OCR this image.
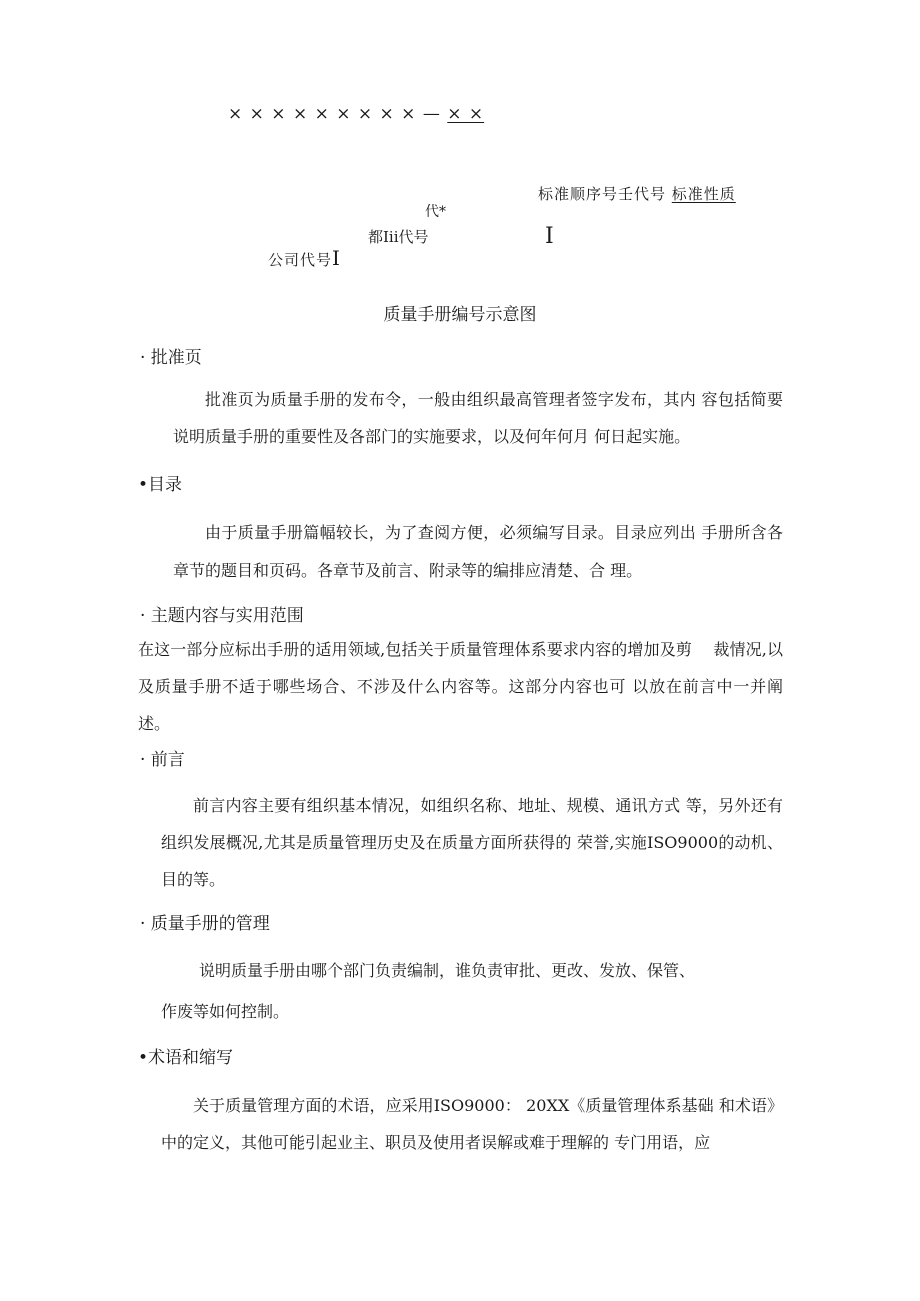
× × × × × × × × × — × ×
标准顺序号壬代号 标准性质
代*
都Iii代号	I
公司代号I
质量手册编号示意图
· 批准页
批准页为质量手册的发布令，一般由组织最高管理者签字发布，其内 容包括简要说明质量手册的重要性及各部门的实施要求，以及何年何月 何日起实施。
•目录
由于质量手册篇幅较长，为了查阅方便，必须编写目录。目录应列出 手册所含各章节的题目和页码。各章节及前言、附录等的编排应清楚、合 理。
· 主题内容与实用范围
在这一部分应标出手册的适用领域,包括关于质量管理体系要求内容的增加及剪　 裁情况,以及质量手册不适于哪些场合、不涉及什么内容等。这部分内容也可 以放在前言中一并阐述。
· 前言
前言内容主要有组织基本情况，如组织名称、地址、规模、通讯方式 等，另外还有组织发展概况,尤其是质量管理历史及在质量方面所获得的 荣誉,实施ISO9000的动机、目的等。
· 质量手册的管理
说明质量手册由哪个部门负责编制，谁负责审批、更改、发放、保管、
作废等如何控制。
•术语和缩写
关于质量管理方面的术语，应采用ISO9000： 20XX《质量管理体系基础 和术语》中的定义，其他可能引起业主、职员及使用者误解或难于理解的 专门用语，应
